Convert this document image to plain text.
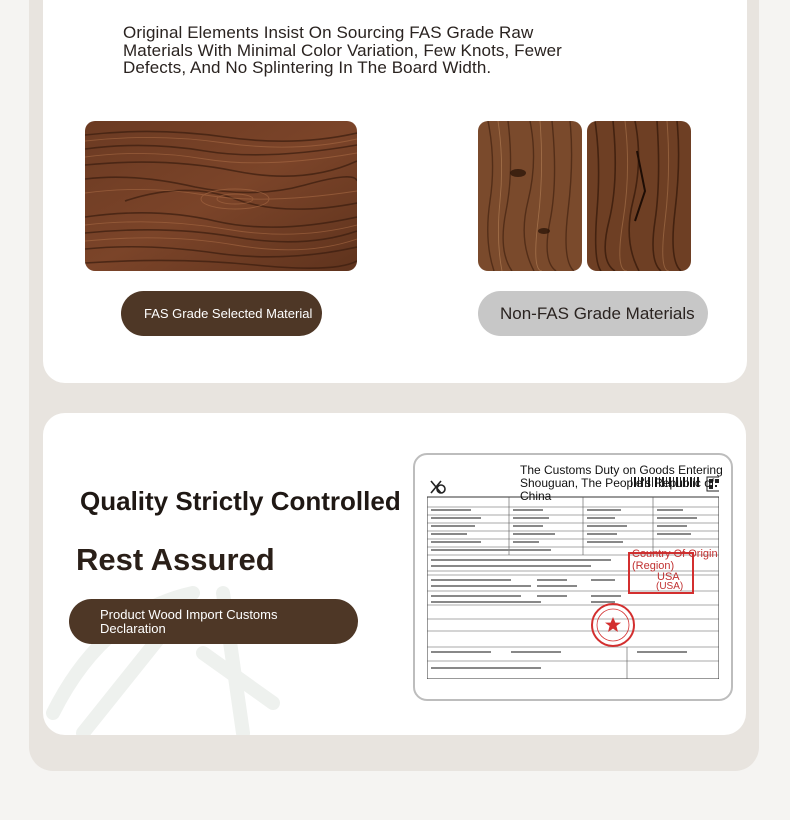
Original Elements Insist On Sourcing FAS Grade Raw
Materials With Minimal Color Variation, Few Knots, Fewer
Defects, And No Splintering In The Board Width.
FAS Grade Selected Material	Non-FAS Grade Materials
Quality Strictly Controlled
Rest Assured
Product Wood Import Customs Declaration
The Customs Duty on Goods Entering Shouguan, The People's Republic of China
Country Of Origin (Region)
USA
(USA)
